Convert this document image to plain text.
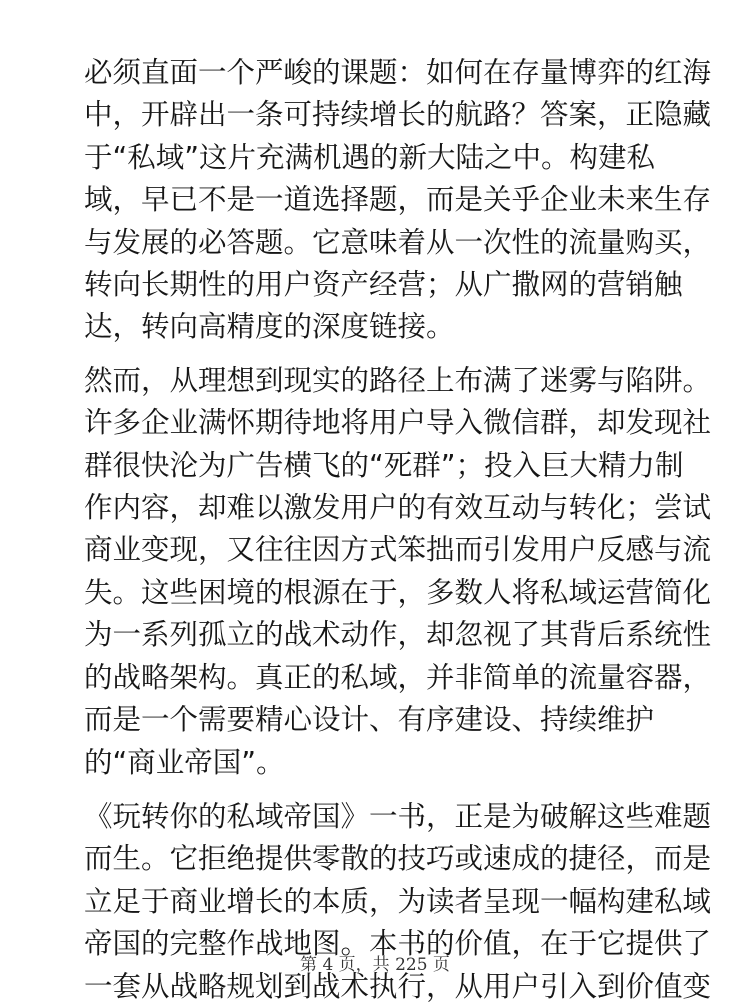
必须直面一个严峻的课题：如何在存量博弈的红海
中，开辟出一条可持续增长的航路？答案，正隐藏
于“私域”这片充满机遇的新大陆之中。构建私
域，早已不是一道选择题，而是关乎企业未来生存
与发展的必答题。它意味着从一次性的流量购买，
转向长期性的用户资产经营；从广撒网的营销触
达，转向高精度的深度链接。

然而，从理想到现实的路径上布满了迷雾与陷阱。
许多企业满怀期待地将用户导入微信群，却发现社
群很快沦为广告横飞的“死群”；投入巨大精力制
作内容，却难以激发用户的有效互动与转化；尝试
商业变现，又往往因方式笨拙而引发用户反感与流
失。这些困境的根源在于，多数人将私域运营简化
为一系列孤立的战术动作，却忽视了其背后系统性
的战略架构。真正的私域，并非简单的流量容器，
而是一个需要精心设计、有序建设、持续维护
的“商业帝国”。

《玩转你的私域帝国》一书，正是为破解这些难题
而生。它拒绝提供零散的技巧或速成的捷径，而是
立足于商业增长的本质，为读者呈现一幅构建私域
帝国的完整作战地图。本书的价值，在于它提供了
一套从战略规划到战术执行，从用户引入到价值变

第 4 页，共 225 页
